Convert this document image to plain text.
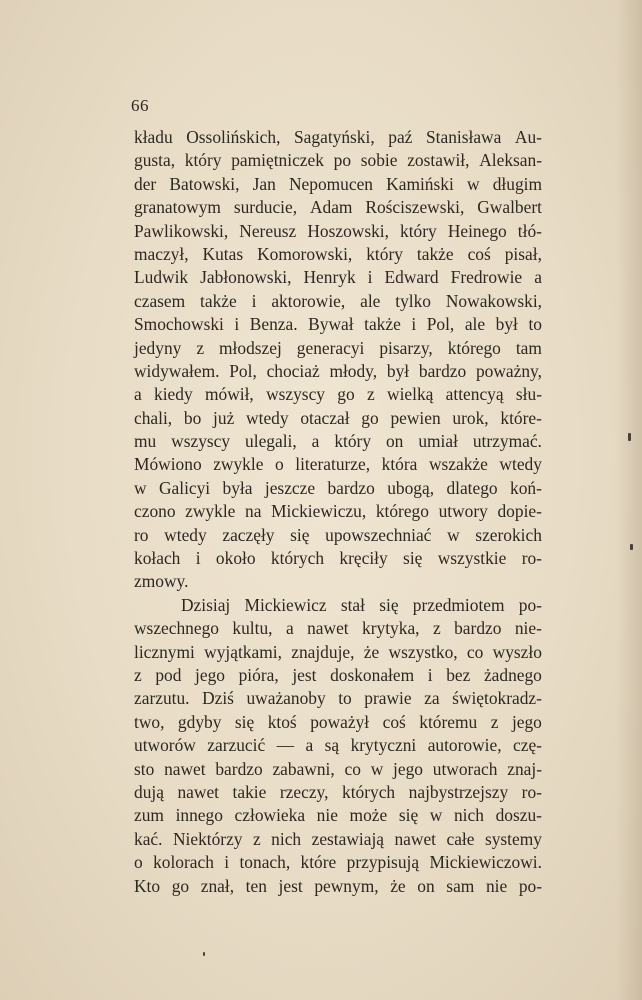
66
kładu Ossolińskich, Sagatyński, paź Stanisława Au-
gusta, który pamiętniczek po sobie zostawił, Aleksan-
der Batowski, Jan Nepomucen Kamiński w długim
granatowym surducie, Adam Rościszewski, Gwalbert
Pawlikowski, Nereusz Hoszowski, który Heinego tłó-
maczył, Kutas Komorowski, który także coś pisał,
Ludwik Jabłonowski, Henryk i Edward Fredrowie a
czasem także i aktorowie, ale tylko Nowakowski,
Smochowski i Benza. Bywał także i Pol, ale był to
jedyny z młodszej generacyi pisarzy, którego tam
widywałem. Pol, chociaż młody, był bardzo poważny,
a kiedy mówił, wszyscy go z wielką attencyą słu-
chali, bo już wtedy otaczał go pewien urok, które-
mu wszyscy ulegali, a który on umiał utrzymać.
Mówiono zwykle o literaturze, która wszakże wtedy
w Galicyi była jeszcze bardzo ubogą, dlatego koń-
czono zwykle na Mickiewiczu, którego utwory dopie-
ro wtedy zaczęły się upowszechniać w szerokich
kołach i około których kręciły się wszystkie ro-
zmowy.
Dzisiaj Mickiewicz stał się przedmiotem po-
wszechnego kultu, a nawet krytyka, z bardzo nie-
licznymi wyjątkami, znajduje, że wszystko, co wyszło
z pod jego pióra, jest doskonałem i bez żadnego
zarzutu. Dziś uważanoby to prawie za świętokradz-
two, gdyby się ktoś poważył coś któremu z jego
utworów zarzucić — a są krytyczni autorowie, czę-
sto nawet bardzo zabawni, co w jego utworach znaj-
dują nawet takie rzeczy, których najbystrzejszy ro-
zum innego człowieka nie może się w nich doszu-
kać. Niektórzy z nich zestawiają nawet całe systemy
o kolorach i tonach, które przypisują Mickiewiczowi.
Kto go znał, ten jest pewnym, że on sam nie po-
